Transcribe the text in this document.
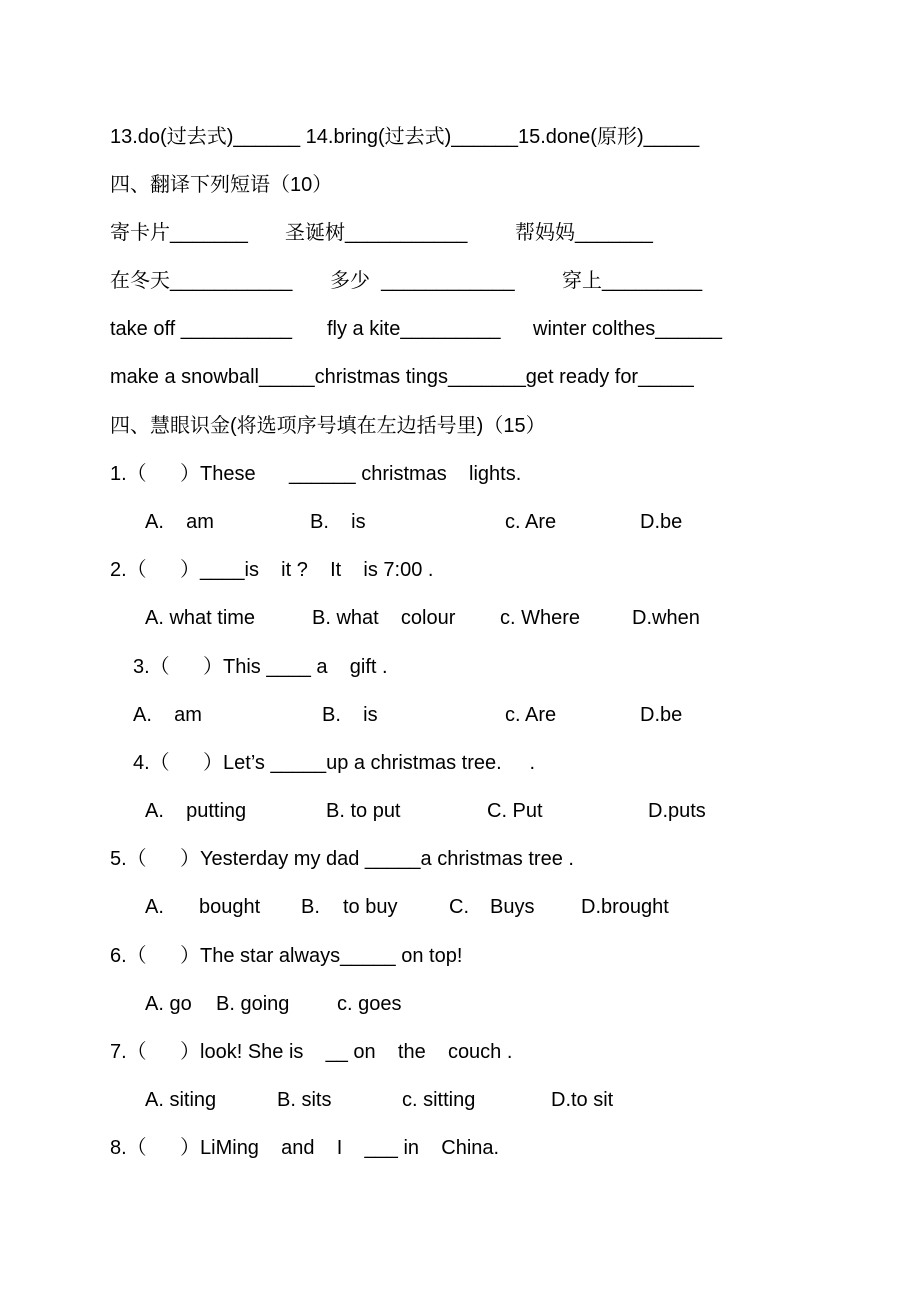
13.do(过去式)______ 14.bring(过去式)______15.done(原形)_____

四、翻译下列短语（10）

寄卡片_______

圣诞树___________

帮妈妈_______

在冬天___________

多少  ____________

穿上_________

take off __________

fly a kite_________

winter colthes______

make a snowball_____christmas tings_______get ready for_____

四、慧眼识金(将选项序号填在左边括号里)（15）

1.（      ）These      ______ christmas    lights.

A.    am

	B.    is

	c. Are

	D.be

2.（      ）____is    it ?    It    is 7:00 .

A. what time

	B. what    colour

c. Where

	D.when

3.（      ）This ____ a    gift .

A.    am

	B.    is

	c. Are

	D.be

4.（      ）Let’s _____up a christmas tree.     .

A.    putting

	B. to put

	C. Put

	D.puts

5.（      ）Yesterday my dad _____a christmas tree .

A.

bought

B.

to buy

	C.

Buys

D.brought

6.（      ）The star always_____ on top!

A. go

B. going

c. goes

7.（      ）look! She is    __ on    the    couch .

A. siting

	B. sits

	c. sitting

	D.to sit

8.（      ）LiMing    and    I    ___ in    China.
